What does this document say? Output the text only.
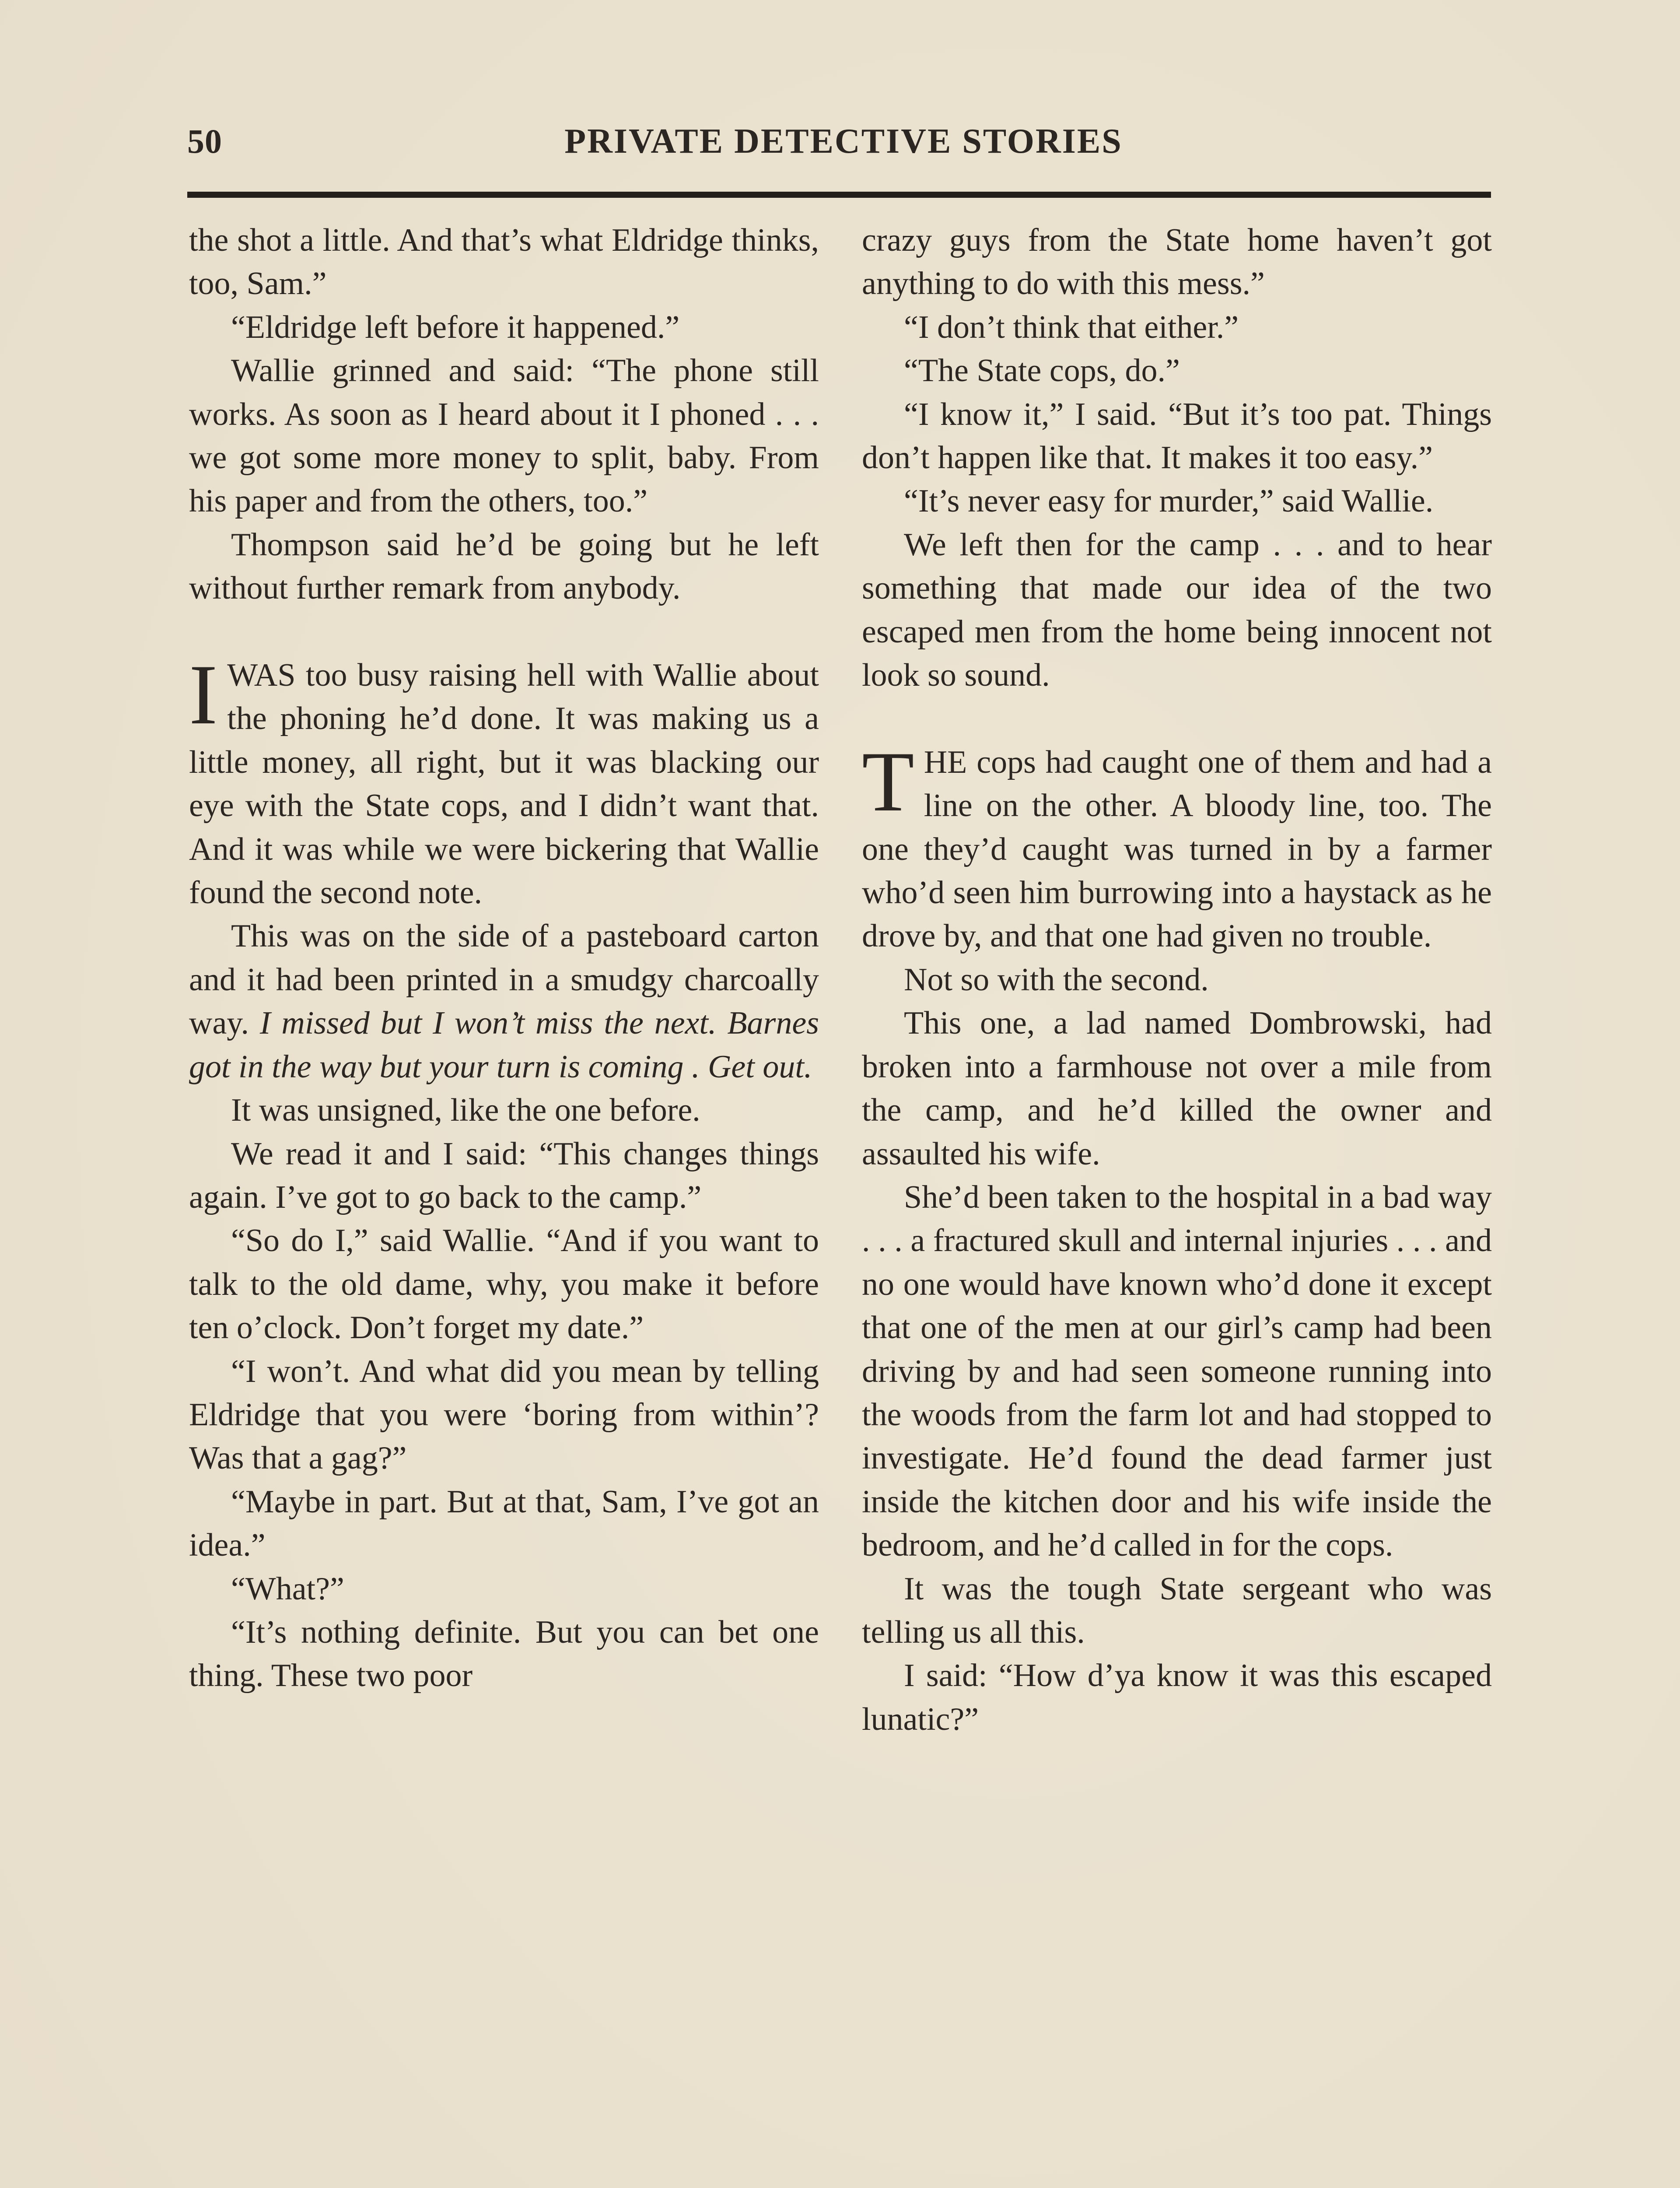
50	PRIVATE DETECTIVE STORIES

the shot a little. And that’s what Eldridge thinks, too, Sam.”

“Eldridge left before it happened.”

Wallie grinned and said: “The phone still works. As soon as I heard about it I phoned . . . we got some more money to split, baby. From his paper and from the others, too.”

Thompson said he’d be going but he left without further remark from anybody.

IWAS too busy raising hell with Wallie about the phoning he’d done. It was making us a little money, all right, but it was blacking our eye with the State cops, and I didn’t want that. And it was while we were bickering that Wallie found the second note.

This was on the side of a pasteboard carton and it had been printed in a smudgy charcoally way. I missed but I won’t miss the next. Barnes got in the way but your turn is coming . Get out.

It was unsigned, like the one before.

We read it and I said: “This changes things again. I’ve got to go back to the camp.”

“So do I,” said Wallie. “And if you want to talk to the old dame, why, you make it before ten o’clock. Don’t forget my date.”

“I won’t. And what did you mean by telling Eldridge that you were ‘boring from within’? Was that a gag?”

“Maybe in part. But at that, Sam, I’ve got an idea.”

“What?”

“It’s nothing definite. But you can bet one thing. These two poor

crazy guys from the State home haven’t got anything to do with this mess.”

“I don’t think that either.”

“The State cops, do.”

“I know it,” I said. “But it’s too pat. Things don’t happen like that. It makes it too easy.”

“It’s never easy for murder,” said Wallie.

We left then for the camp . . . and to hear something that made our idea of the two escaped men from the home being innocent not look so sound.

THE cops had caught one of them and had a line on the other. A bloody line, too. The one they’d caught was turned in by a farmer who’d seen him burrowing into a haystack as he drove by, and that one had given no trouble.

Not so with the second.

This one, a lad named Dombrowski, had broken into a farmhouse not over a mile from the camp, and he’d killed the owner and assaulted his wife.

She’d been taken to the hospital in a bad way . . . a fractured skull and internal injuries . . . and no one would have known who’d done it except that one of the men at our girl’s camp had been driving by and had seen someone running into the woods from the farm lot and had stopped to investigate. He’d found the dead farmer just inside the kitchen door and his wife inside the bedroom, and he’d called in for the cops.

It was the tough State sergeant who was telling us all this.

I said: “How d’ya know it was this escaped lunatic?”
